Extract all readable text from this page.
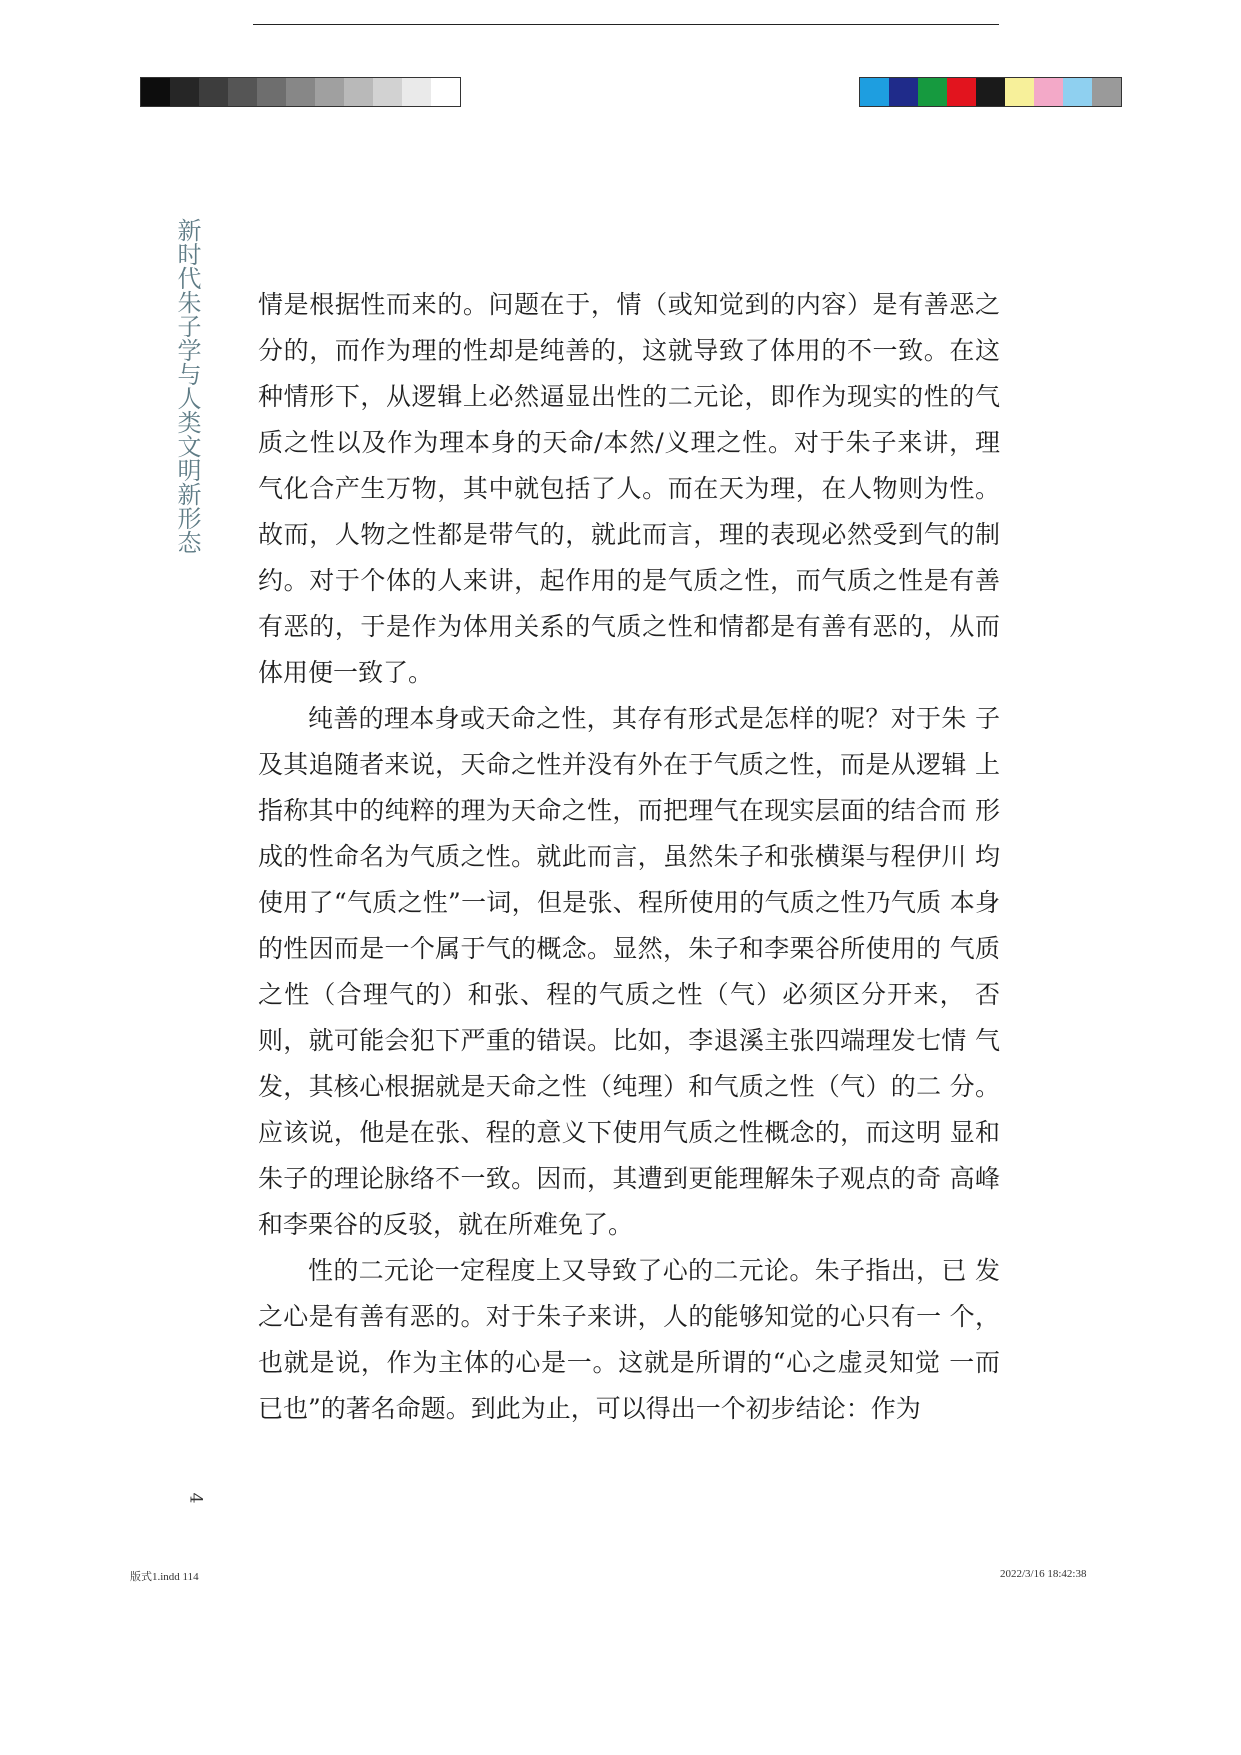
新时代朱子学与人类文明新形态 情是根据性而来的。问题在于，情（或知觉到的内容）是有善恶之 分的，而作为理的性却是纯善的，这就导致了体用的不一致。在这 种情形下，从逻辑上必然逼显出性的二元论，即作为现实的性的气 质之性以及作为理本身的天命/本然/义理之性。对于朱子来讲，理 气化合产生万物，其中就包括了人。而在天为理，在人物则为性。故而，人物之性都是带气的，就此而言，理的表现必然受到气的制 约。对于个体的人来讲，起作用的是气质之性，而气质之性是有善 有恶的，于是作为体用关系的气质之性和情都是有善有恶的，从而 体用便一致了。

纯善的理本身或天命之性，其存有形式是怎样的呢？对于朱 子及其追随者来说，天命之性并没有外在于气质之性，而是从逻辑 上指称其中的纯粹的理为天命之性，而把理气在现实层面的结合而 形成的性命名为气质之性。就此而言，虽然朱子和张横渠与程伊川 均使用了“气质之性”一词，但是张、程所使用的气质之性乃气质 本身的性因而是一个属于气的概念。显然，朱子和李栗谷所使用的 气质之性（合理气的）和张、程的气质之性（气）必须区分开来， 否则，就可能会犯下严重的错误。比如，李退溪主张四端理发七情 气发，其核心根据就是天命之性（纯理）和气质之性（气）的二 分。应该说，他是在张、程的意义下使用气质之性概念的，而这明 显和朱子的理论脉络不一致。因而，其遭到更能理解朱子观点的奇 高峰和李栗谷的反驳，就在所难免了。

性的二元论一定程度上又导致了心的二元论。朱子指出，已 发之心是有善有恶的。对于朱子来讲，人的能够知觉的心只有一 个，也就是说，作为主体的心是一。这就是所谓的“心之虚灵知觉 一而已也”的著名命题。到此为止，可以得出一个初步结论：作为

4
版式1.indd 114	2022/3/16 18:42:38
